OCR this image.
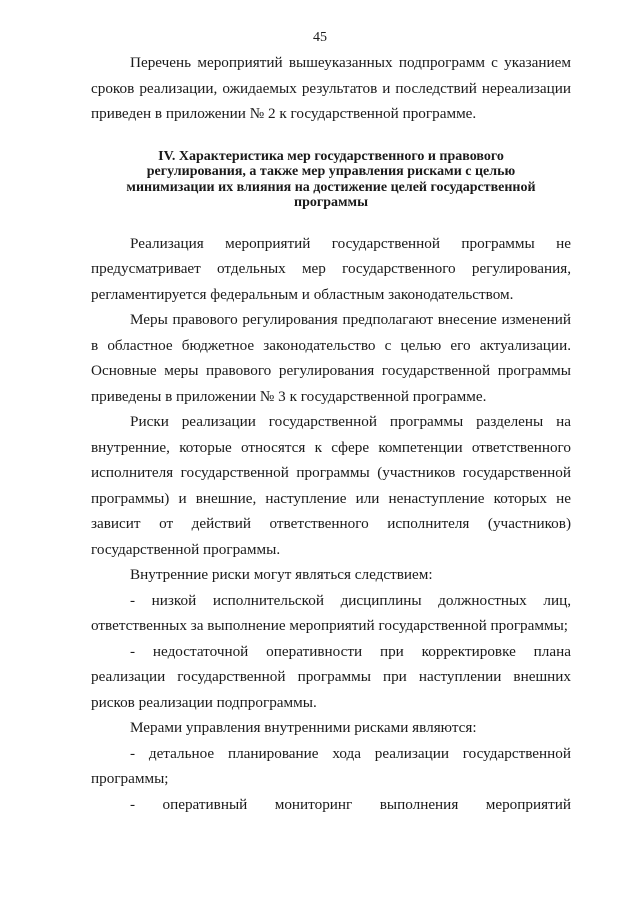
45

Перечень мероприятий вышеуказанных подпрограмм с указанием сроков реализации, ожидаемых результатов и последствий нереализации приведен в приложении № 2 к государственной программе.

IV. Характеристика мер государственного и правового регулирования, а также мер управления рисками с целью минимизации их влияния на достижение целей государственной программы

Реализация мероприятий государственной программы не предусматривает отдельных мер государственного регулирования, регламентируется федеральным и областным законодательством.

Меры правового регулирования предполагают внесение изменений в областное бюджетное законодательство с целью его актуализации. Основные меры правового регулирования государственной программы приведены в приложении № 3 к государственной программе.

Риски реализации государственной программы разделены на внутренние, которые относятся к сфере компетенции ответственного исполнителя государственной программы (участников государственной программы) и внешние, наступление или ненаступление которых не зависит от действий ответственного исполнителя (участников) государственной программы.

Внутренние риски могут являться следствием:

- низкой исполнительской дисциплины должностных лиц, ответственных за выполнение мероприятий государственной программы;

- недостаточной оперативности при корректировке плана реализации государственной программы при наступлении внешних рисков реализации подпрограммы.

Мерами управления внутренними рисками являются:

- детальное планирование хода реализации государственной программы;

- оперативный мониторинг выполнения мероприятий
